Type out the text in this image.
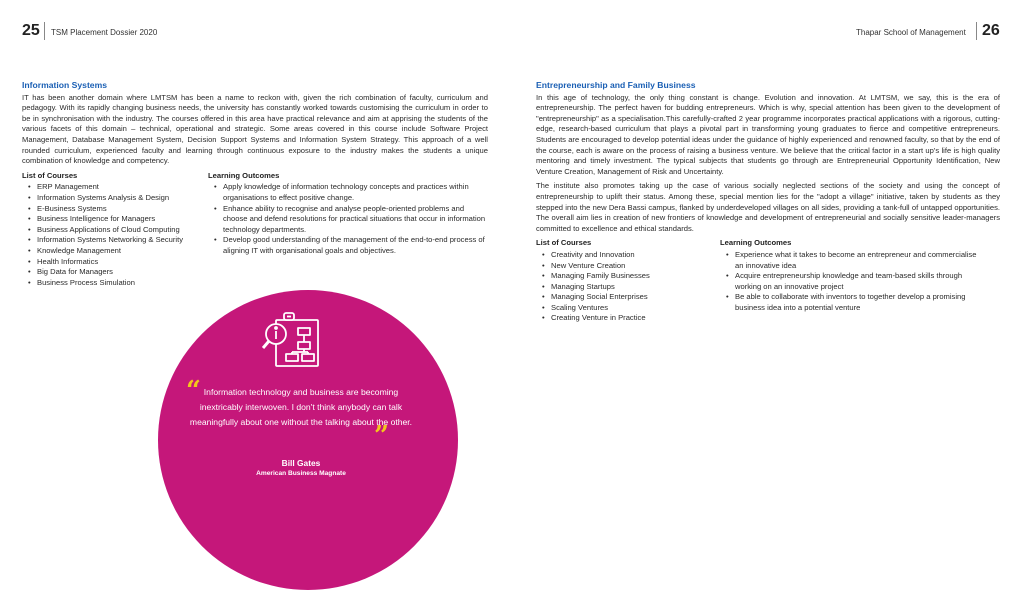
25 TSM Placement Dossier 2020	Thapar School of Management 26
Information Systems

IT has been another domain where LMTSM has been a name to reckon with, given the rich combination of faculty, curriculum and pedagogy. With its rapidly changing business needs, the university has constantly worked towards customising the curriculum in order to be in synchronisation with the industry. The courses offered in this area have practical relevance and aim at apprising the students of the various facets of this domain – technical, operational and strategic. Some areas covered in this course include Software Project Management, Database Management System, Decision Support Systems and Information System Strategy. This approach of a well rounded curriculum, experienced faculty and learning through continuous exposure to the industry makes the students a unique combination of knowledge and competency.

List of Courses
• ERP Management
• Information Systems Analysis & Design
• E-Business Systems
• Business Intelligence for Managers
• Business Applications of Cloud Computing
• Information Systems Networking & Security
• Knowledge Management
• Health Informatics
• Big Data for Managers
• Business Process Simulation
Learning Outcomes
• Apply knowledge of information technology concepts and practices within organisations to effect positive change.
• Enhance ability to recognise and analyse people-oriented problems and choose and defend resolutions for practical situations that occur in information technology departments.
• Develop good understanding of the management of the end-to-end process of aligning IT with organisational goals and objectives.
Entrepreneurship and Family Business

In this age of technology, the only thing constant is change. Evolution and innovation. At LMTSM, we say, this is the era of entrepreneurship. The perfect haven for budding entrepreneurs. Which is why, special attention has been given to the development of "entrepreneurship" as a specialisation.This carefully-crafted 2 year programme incorporates practical applications with a rigorous, cutting-edge, research-based curriculum that plays a pivotal part in transforming young graduates to fierce and competitive entrepreneurs. Students are encouraged to develop potential ideas under the guidance of highly experienced and renowned faculty, so that by the end of the course, each is aware on the process of raising a business venture. We believe that the critical factor in a start up's life is high quality mentoring and timely investment. The typical subjects that students go through are Entrepreneurial Opportunity Identification, New Venture Creation, Management of Risk and Uncertainty.

The institute also promotes taking up the case of various socially neglected sections of the society and using the concept of entrepreneurship to uplift their status. Among these, special mention lies for the "adopt a village" initiative, taken by students as they stepped into the new Dera Bassi campus, flanked by underdeveloped villages on all sides, providing a tank-full of untapped opportunities. The overall aim lies in creation of new frontiers of knowledge and development of entrepreneurial and socially sensitive leader-managers committed to excellence and ethical standards.

List of Courses
• Creativity and Innovation
• New Venture Creation
• Managing Family Businesses
• Managing Startups
• Managing Social Enterprises
• Scaling Ventures
• Creating Venture in Practice
Learning Outcomes
• Experience what it takes to become an entrepreneur and commercialise an innovative idea
• Acquire entrepreneurship knowledge and team-based skills through working on an innovative project
• Be able to collaborate with inventors to together develop a promising business idea into a potential venture
“ Information technology and business are becoming inextricably interwoven. I don't think anybody can talk meaningfully about one without the talking about the other.
”
Bill Gates
American Business Magnate
